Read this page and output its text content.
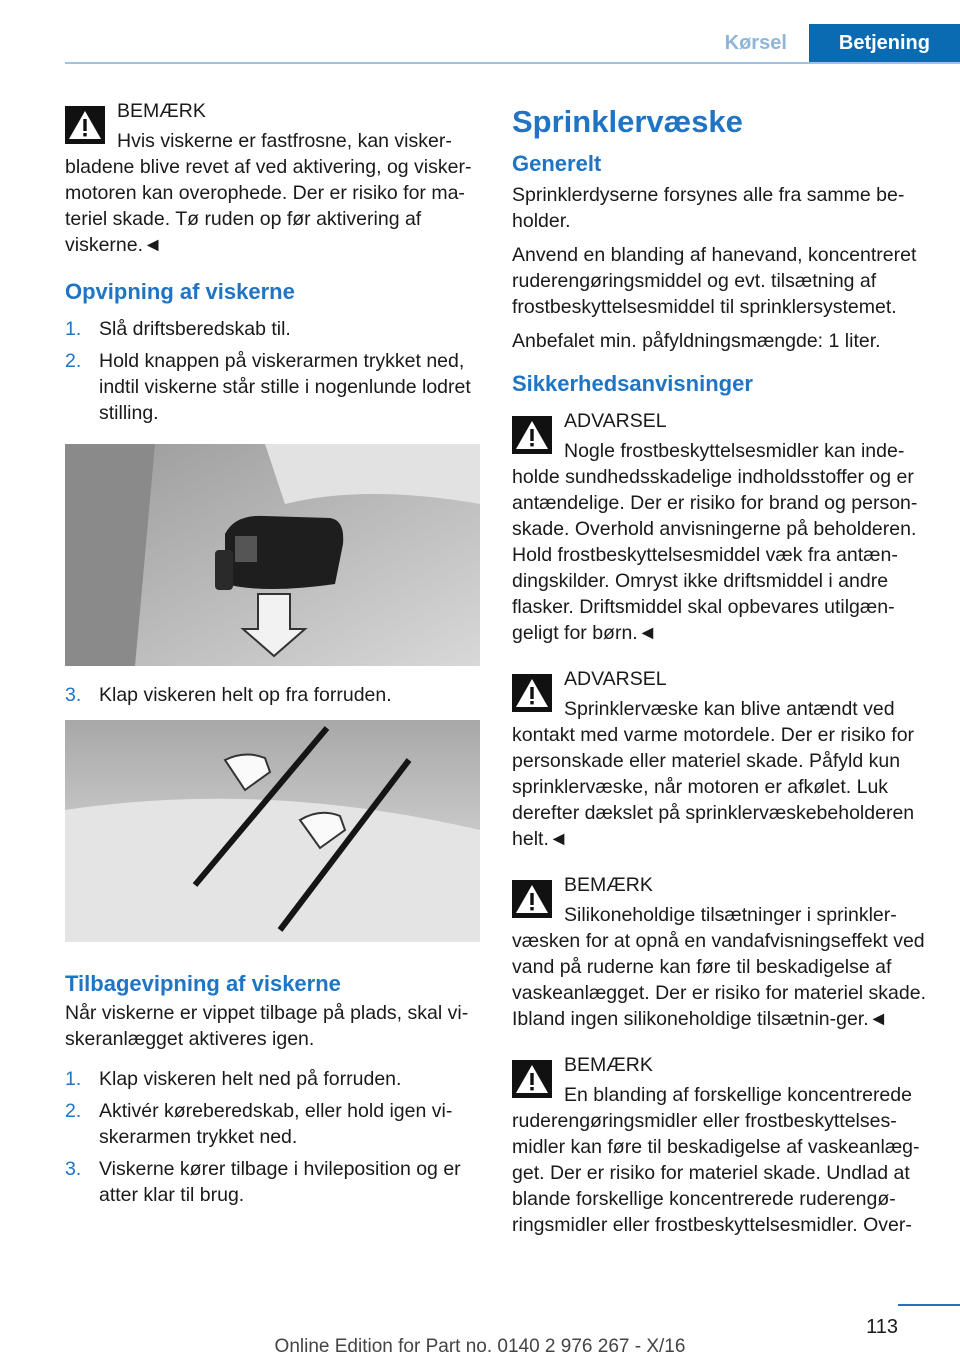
Kørsel	Betjening
BEMÆRK

Hvis viskerne er fastfrosne, kan visker-bladene blive revet af ved aktivering, og visker-motoren kan overophede. Der er risiko for ma-teriel skade. Tø ruden op før aktivering af viskerne.◄

Opvipning af viskerne
1. Slå driftsberedskab til.
2. Hold knappen på viskerarmen trykket ned, indtil viskerne står stille i nogenlunde lodret stilling.
3. Klap viskeren helt op fra forruden.
Tilbagevipning af viskerne

Når viskerne er vippet tilbage på plads, skal vi-skeranlægget aktiveres igen.

1. Klap viskeren helt ned på forruden.
2. Aktivér køreberedskab, eller hold igen vi-skerarmen trykket ned.
3. Viskerne kører tilbage i hvileposition og er atter klar til brug.
Sprinklervæske
Generelt

Sprinklerdyserne forsynes alle fra samme be-holder.

Anvend en blanding af hanevand, koncentreret ruderengøringsmiddel og evt. tilsætning af frostbeskyttelsesmiddel til sprinklersystemet.

Anbefalet min. påfyldningsmængde: 1 liter.

Sikkerhedsanvisninger
ADVARSEL

Nogle frostbeskyttelsesmidler kan inde-holde sundhedsskadelige indholdsstoffer og er antændelige. Der er risiko for brand og person-skade. Overhold anvisningerne på beholderen. Hold frostbeskyttelsesmiddel væk fra antæn-dingskilder. Omryst ikke driftsmiddel i andre flasker. Driftsmiddel skal opbevares utilgæn-geligt for børn.◄

ADVARSEL

Sprinklervæske kan blive antændt ved kontakt med varme motordele. Der er risiko for personskade eller materiel skade. Påfyld kun sprinklervæske, når motoren er afkølet. Luk derefter dækslet på sprinklervæskebeholderen helt.◄

BEMÆRK

Silikoneholdige tilsætninger i sprinkler-væsken for at opnå en vandafvisningseffekt ved vand på ruderne kan føre til beskadigelse af vaskeanlægget. Der er risiko for materiel skade. Ibland ingen silikoneholdige tilsætnin-ger.◄

BEMÆRK

En blanding af forskellige koncentrerede ruderengøringsmidler eller frostbeskyttelses-midler kan føre til beskadigelse af vaskeanlæg-get. Der er risiko for materiel skade. Undlad at blande forskellige koncentrerede ruderengø-ringsmidler eller frostbeskyttelsesmidler. Over-

113
Online Edition for Part no. 0140 2 976 267 - X/16
